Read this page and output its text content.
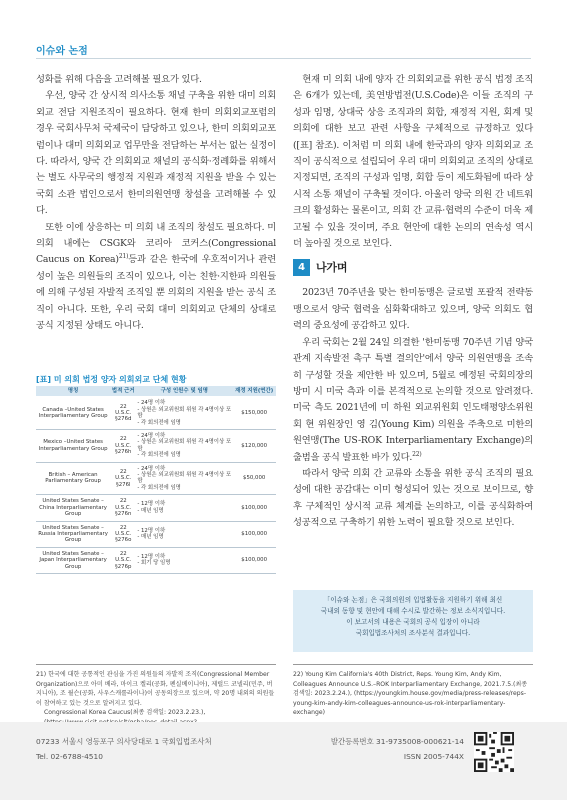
이슈와 논점

성화를 위해 다음을 고려해볼 필요가 있다.

우선, 양국 간 상시적 의사소통 채널 구축을 위한 대미 의회외교 전담 지원조직이 필요하다. 현재 한미 의회외교포럼의 경우 국회사무처 국제국이 담당하고 있으나, 한미 의회외교포럼이나 대미 의회외교 업무만을 전담하는 부서는 없는 실정이다. 따라서, 양국 간 의회외교 채널의 공식화·정례화를 위해서는 별도 사무국의 행정적 지원과 재정적 지원을 받을 수 있는 국회 소관 법인으로서 한미의원연맹 창설을 고려해볼 수 있다.

또한 이에 상응하는 미 의회 내 조직의 창설도 필요하다. 미 의회 내에는 CSGK와 코리아 코커스(Congressional Caucus on Korea)$^{21)}$등과 같은 한국에 우호적이거나 관련성이 높은 의원들의 조직이 있으나, 이는 친한·지한파 의원들에 의해 구성된 자발적 조직일 뿐 의회의 지원을 받는 공식 조직이 아니다. 또한, 우리 국회 대미 의회외교 단체의 상대로 공식 지정된 상태도 아니다.

[표] 미 의회 법정 양자 의회외교 단체 현황
명칭	법적 근거	구성 인원수 및 임명	재정 지원(연간)
Canada –United States Interparliamentary Group	22 U.S.C. §276d	- 24명 이하
- 상원은 외교위원회 위원 각 4명이상 포함
- 각 회의전에 임명	$150,000
Mexico –United States Interparliamentary Group	22 U.S.C. §276h	- 24명 이하
- 상원은 외교위원회 위원 각 4명이상 포함
- 각 회의전에 임명	$120,000
British – American Parliamentary Group	22 U.S.C. §276l	- 24명 이하
- 상원은 외교위원회 위원 각 4명이상 포함
- 각 회의전에 임명	$50,000
United States Senate – China Interparliamentary Group	22 U.S.C. §276n	- 12명 이하
- 매년 임명	$100,000
United States Senate –Russia Interparliamentary Group	22 U.S.C. §276o	- 12명 이하
- 매년 임명	$100,000
United States Senate –Japan Interparliamentary Group	22 U.S.C. §276p	- 12명 이하
- 회기 당 임명	$100,000

현재 미 의회 내에 양자 간 의회외교를 위한 공식 법정 조직은 6개가 있는데, 美연방법전(U.S.Code)은 이들 조직의 구성과 임명, 상대국 상응 조직과의 회합, 재정적 지원, 회계 및 의회에 대한 보고 관련 사항을 구체적으로 규정하고 있다([표] 참조). 이처럼 미 의회 내에 한국과의 양자 의회외교 조직이 공식적으로 설립되어 우리 대미 의회외교 조직의 상대로 지정되면, 조직의 구성과 임명, 회합 등이 제도화됨에 따라 상시적 소통 채널이 구축될 것이다. 아울러 양국 의원 간 네트워크의 활성화는 물론이고, 의회 간 교류·협력의 수준이 더욱 제고될 수 있을 것이며, 주요 현안에 대한 논의의 연속성 역시 더 높아질 것으로 보인다.

4	나가며

2023년 70주년을 맞는 한미동맹은 글로벌 포괄적 전략동맹으로서 양국 협력을 심화확대하고 있으며, 양국 의회도 협력의 중요성에 공감하고 있다.

우리 국회는 2월 24일 의결한 '한미동맹 70주년 기념 양국 관계 지속발전 촉구 특별 결의안'에서 양국 의원연맹을 조속히 구성할 것을 제안한 바 있으며, 5월로 예정된 국회의장의 방미 시 미국 측과 이를 본격적으로 논의할 것으로 알려졌다. 미국 측도 2021년에 미 하원 외교위원회 인도태평양소위원회 현 위원장인 영 김(Young Kim) 의원을 주축으로 미한의원연맹(The US-ROK Interparliamentary Exchange)의 출범을 공식 발표한 바가 있다.$^{22)}$

따라서 양국 의회 간 교류와 소통을 위한 공식 조직의 필요성에 대한 공감대는 이미 형성되어 있는 것으로 보이므로, 향후 구체적인 상시적 교류 체계를 논의하고, 이를 공식화하여 성공적으로 구축하기 위한 노력이 필요할 것으로 보인다.

「이슈와 논점」은 국회의원의 입법활동을 지원하기 위해 최신
국내외 동향 및 현안에 대해 수시로 발간하는 정보 소식지입니다.
이 보고서의 내용은 국회의 공식 입장이 아니라
국회입법조사처의 조사분석 결과입니다.
21) 한국에 대한 공통적인 관심을 가진 의원들의 자발적 조직(Congressional Member Organization)으로 아미 베라, 마이크 켈리(공화, 펜실베이니아), 제럴드 코넬리(민주, 버지니아), 조 윌슨(공화, 사우스캐롤라이나)이 공동의장으로 있으며, 약 20명 내외의 의원들이 참여하고 있는 것으로 알려지고 있다.
Congressional Korea Caucus(최종 검색일: 2023.2.23.),
22) Young Kim California's 40th District, Reps. Young Kim, Andy Kim, Colleagues Announce U.S.–ROK Interparliamentary Exchange, 2021.7.5.(최종 검색일: 2023.2.24.), (https://youngkim.house.gov/media/press-releases/reps-young-kim-andy-kim-colleagues-announce-us-rok-interparliamentary-exchange)
07233 서울시 영등포구 의사당대로 1 국회입법조사처
Tel. 02-6788-4510
발간등록번호 31-9735008-000621-14
ISSN 2005-744X
